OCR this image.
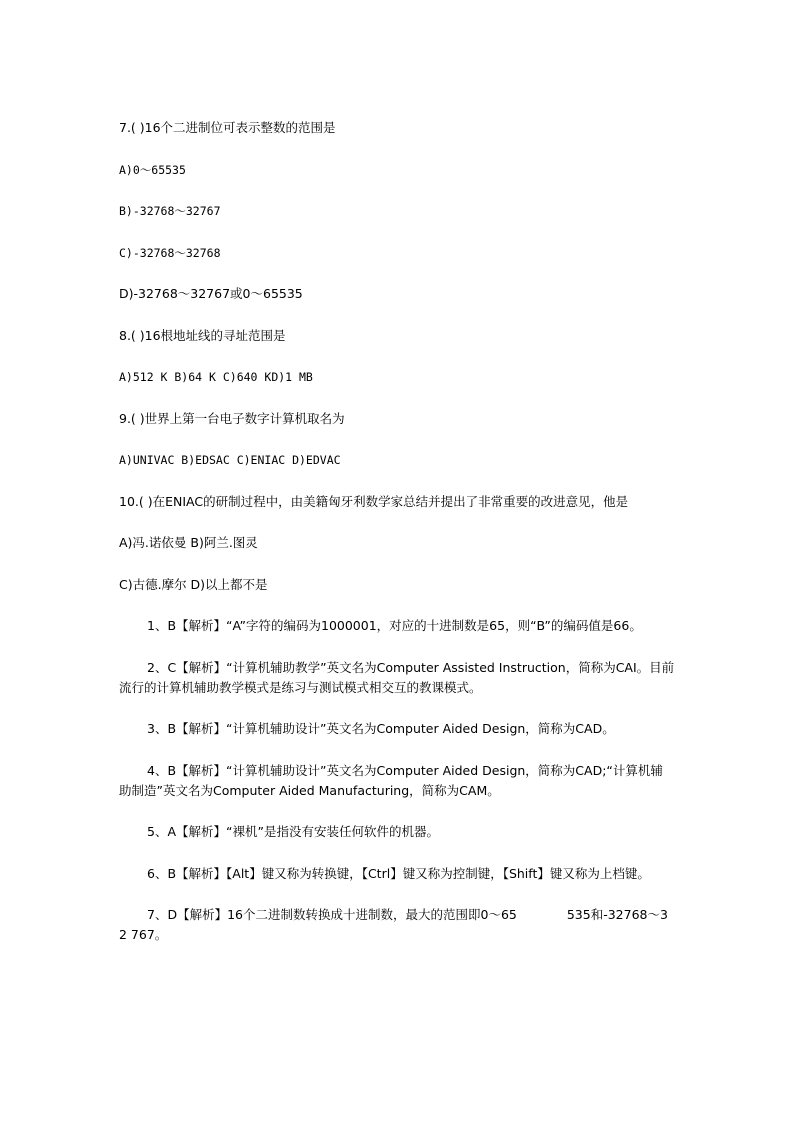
7.( )16个二进制位可表示整数的范围是

A)0～65535

B)-32768～32767

C)-32768～32768

D)-32768～32767或0～65535

8.( )16根地址线的寻址范围是

A)512 K B)64 K C)640 KD)1 MB

9.( )世界上第一台电子数字计算机取名为

A)UNIVAC B)EDSAC C)ENIAC D)EDVAC

10.( )在ENIAC的研制过程中，由美籍匈牙利数学家总结并提出了非常重要的改进意见，他是

A)冯.诺依曼 B)阿兰.图灵

C)古德.摩尔 D)以上都不是

1、B【解析】“A”字符的编码为1000001，对应的十进制数是65，则“B”的编码值是66。

2、C【解析】“计算机辅助教学”英文名为Computer Assisted Instruction，简称为CAI。目前流行的计算机辅助教学模式是练习与测试模式相交互的教课模式。

3、B【解析】“计算机辅助设计”英文名为Computer Aided Design，简称为CAD。

4、B【解析】“计算机辅助设计”英文名为Computer Aided Design，简称为CAD;“计算机辅助制造”英文名为Computer Aided Manufacturing，简称为CAM。

5、A【解析】“裸机”是指没有安装任何软件的机器。

6、B【解析】【Alt】键又称为转换键，【Ctrl】键又称为控制键，【Shift】键又称为上档键。

7、D【解析】16个二进制数转换成十进制数，最大的范围即0～65　　　　535和-32768～32 767。
